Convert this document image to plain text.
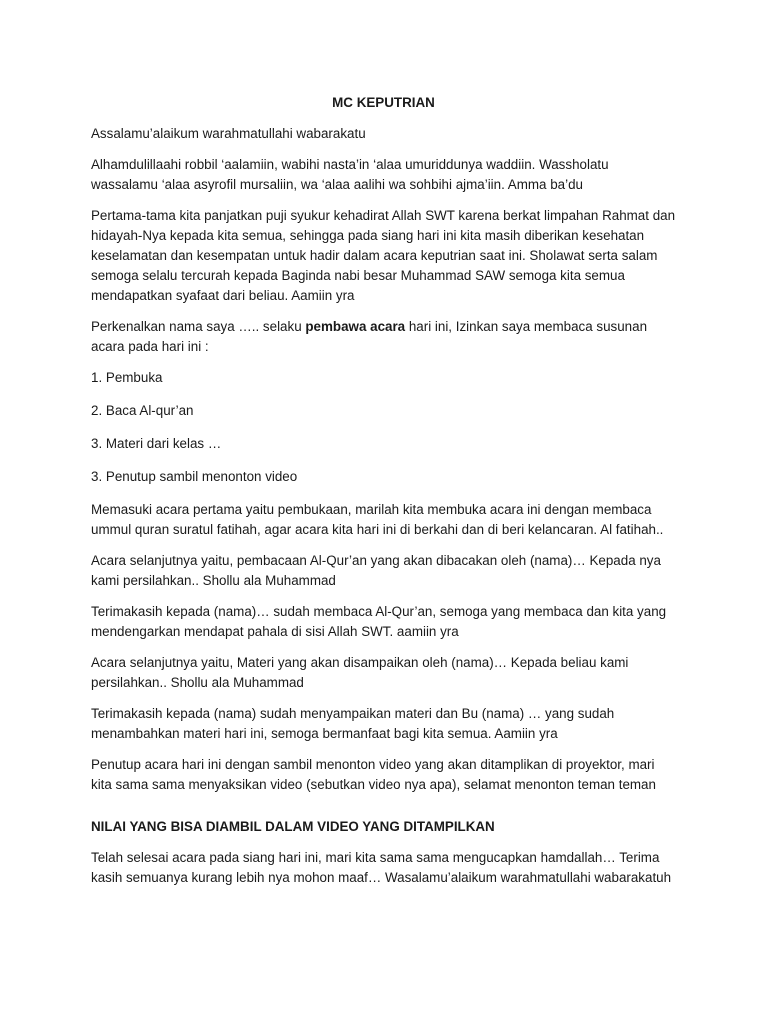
MC KEPUTRIAN

Assalamu’alaikum warahmatullahi wabarakatu

Alhamdulillaahi robbil ‘aalamiin, wabihi nasta’in ‘alaa umuriddunya waddiin. Wassholatu wassalamu ‘alaa asyrofil mursaliin, wa ‘alaa aalihi wa sohbihi ajma’iin. Amma ba’du

Pertama-tama kita panjatkan puji syukur kehadirat Allah SWT karena berkat limpahan Rahmat dan hidayah-Nya kepada kita semua, sehingga pada siang hari ini kita masih diberikan kesehatan keselamatan dan kesempatan untuk hadir dalam acara keputrian saat ini. Sholawat serta salam semoga selalu tercurah kepada Baginda nabi besar Muhammad SAW semoga kita semua mendapatkan syafaat dari beliau. Aamiin yra

Perkenalkan nama saya ….. selaku pembawa acara hari ini, Izinkan saya membaca susunan acara pada hari ini :

1. Pembuka

2. Baca Al-qur’an

3. Materi dari kelas …

3. Penutup sambil menonton video

Memasuki acara pertama yaitu pembukaan, marilah kita membuka acara ini dengan membaca ummul quran suratul fatihah, agar acara kita hari ini di berkahi dan di beri kelancaran. Al fatihah..

Acara selanjutnya yaitu, pembacaan Al-Qur’an yang akan dibacakan oleh (nama)… Kepada nya kami persilahkan.. Shollu ala Muhammad

Terimakasih kepada (nama)… sudah membaca Al-Qur’an, semoga yang membaca dan kita yang mendengarkan mendapat pahala di sisi Allah SWT. aamiin yra

Acara selanjutnya yaitu, Materi yang akan disampaikan oleh (nama)… Kepada beliau kami persilahkan.. Shollu ala Muhammad

Terimakasih kepada (nama) sudah menyampaikan materi dan Bu (nama) … yang sudah menambahkan materi hari ini, semoga bermanfaat bagi kita semua. Aamiin yra

Penutup acara hari ini dengan sambil menonton video yang akan ditamplikan di proyektor, mari kita sama sama menyaksikan video (sebutkan video nya apa), selamat menonton teman teman

NILAI YANG BISA DIAMBIL DALAM VIDEO YANG DITAMPILKAN

Telah selesai acara pada siang hari ini, mari kita sama sama mengucapkan hamdallah… Terima kasih semuanya kurang lebih nya mohon maaf… Wasalamu’alaikum warahmatullahi wabarakatuh
